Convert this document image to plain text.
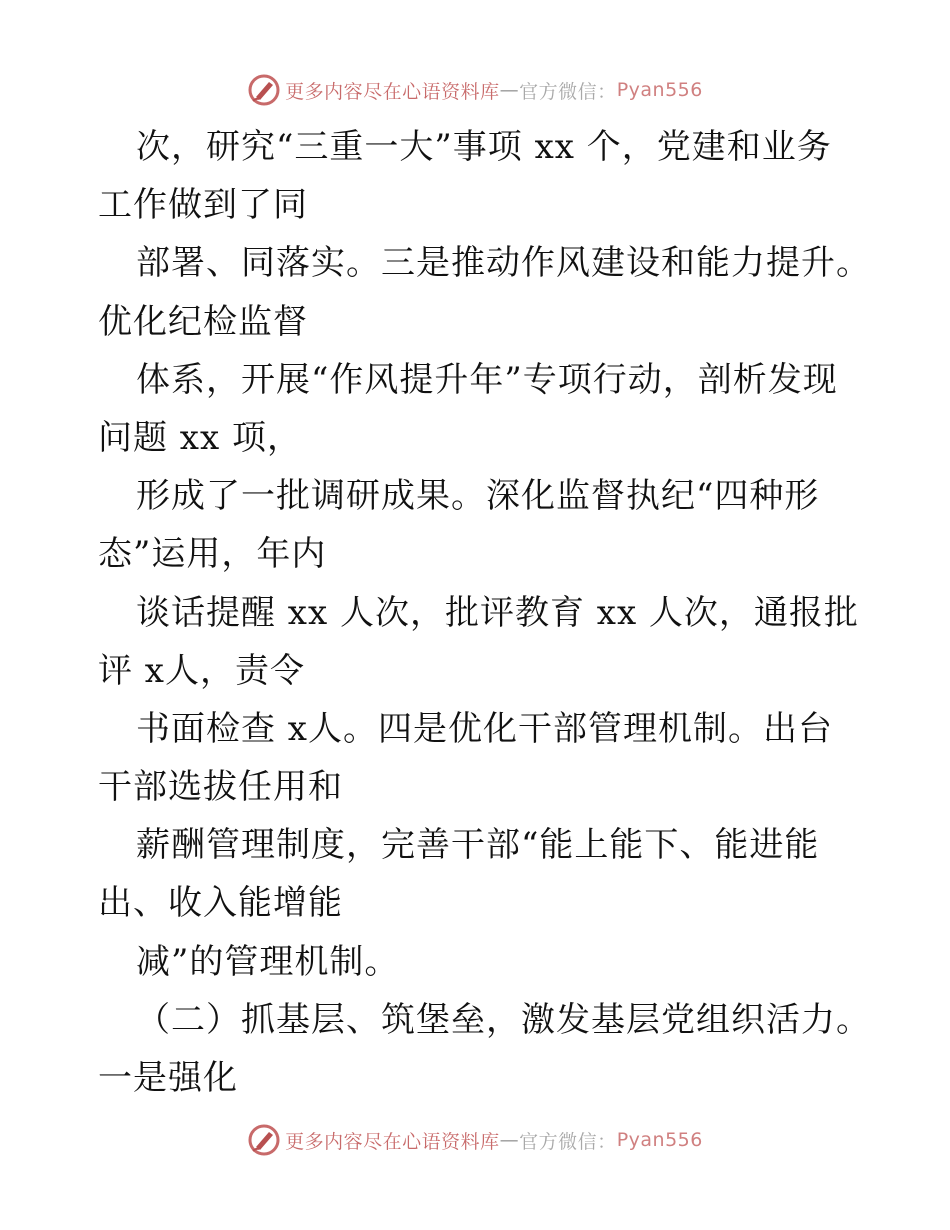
更多内容尽在心语资料库 — 官方微信： Pyan556
次，研究“三重一大”事项 xx 个，党建和业务
工作做到了同
部署、同落实。三是推动作风建设和能力提升。
优化纪检监督
体系，开展“作风提升年”专项行动，剖析发现
问题 xx 项，
形成了一批调研成果。深化监督执纪“四种形
态”运用，年内
谈话提醒 xx 人次，批评教育 xx 人次，通报批
评 x人，责令
书面检查 x人。四是优化干部管理机制。出台
干部选拔任用和
薪酬管理制度，完善干部“能上能下、能进能
出、收入能增能
减”的管理机制。
（二）抓基层、筑堡垒，激发基层党组织活力。
一是强化
更多内容尽在心语资料库 — 官方微信： Pyan556
